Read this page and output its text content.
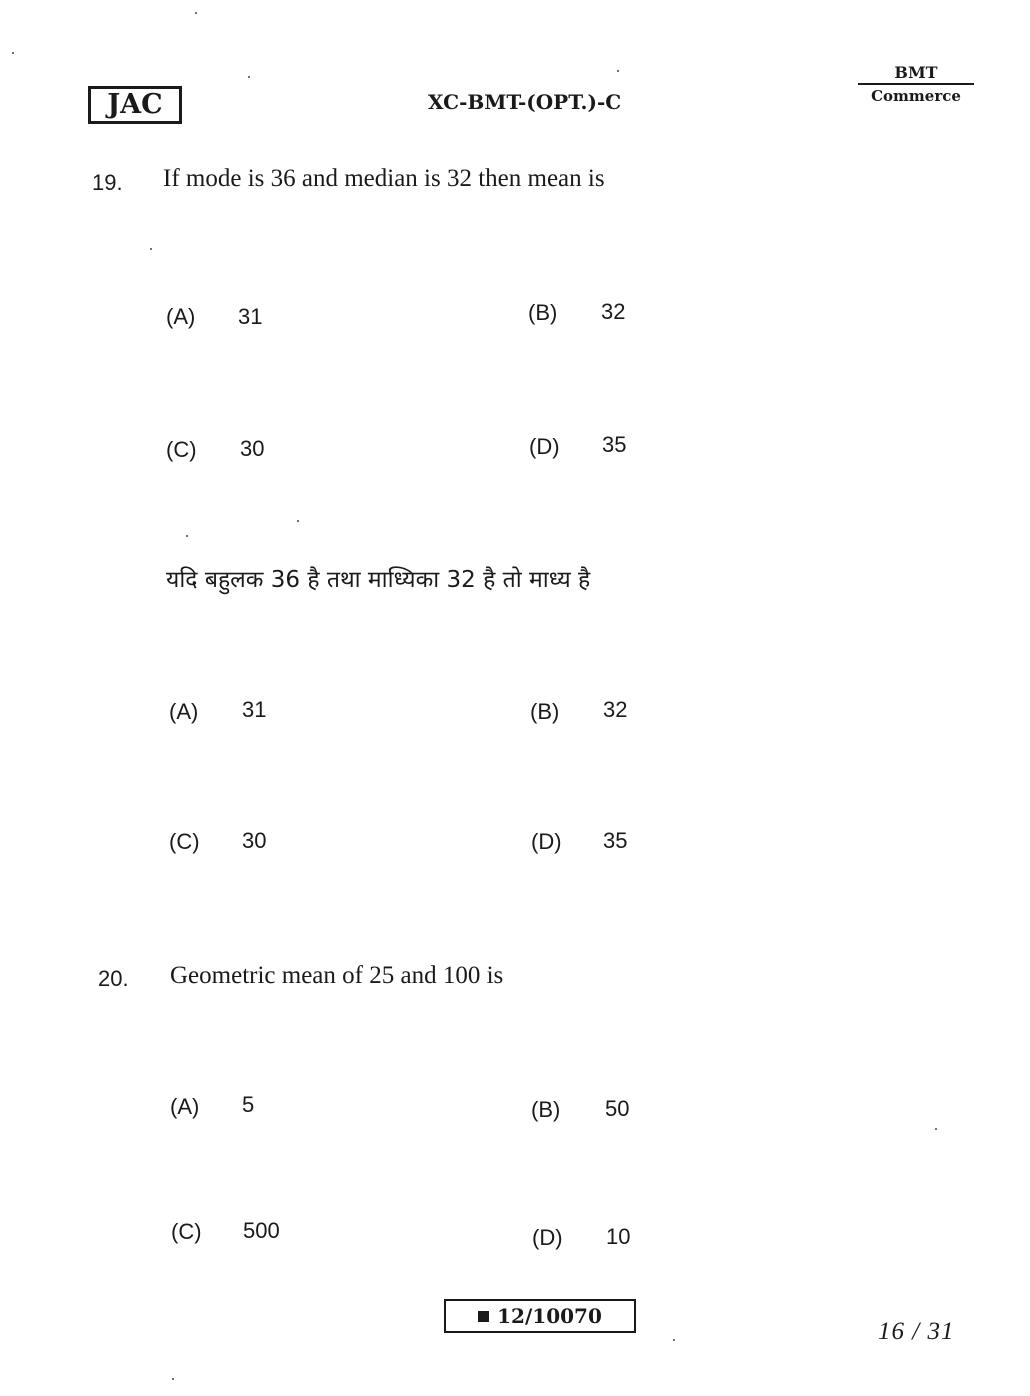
JAC	XC-BMT-(OPT.)-C
BMT
Commerce
19. If mode is 36 and median is 32 then mean is
(A) 31	(B) 32
(C) 30	(D) 35
यदि बहुलक 36 है तथा माध्यिका 32 है तो माध्य है
(A) 31	(B) 32
(C) 30	(D) 35
20. Geometric mean of 25 and 100 is
(A) 5	(B) 50
(C) 500	(D) 10
12/10070
16 / 31
